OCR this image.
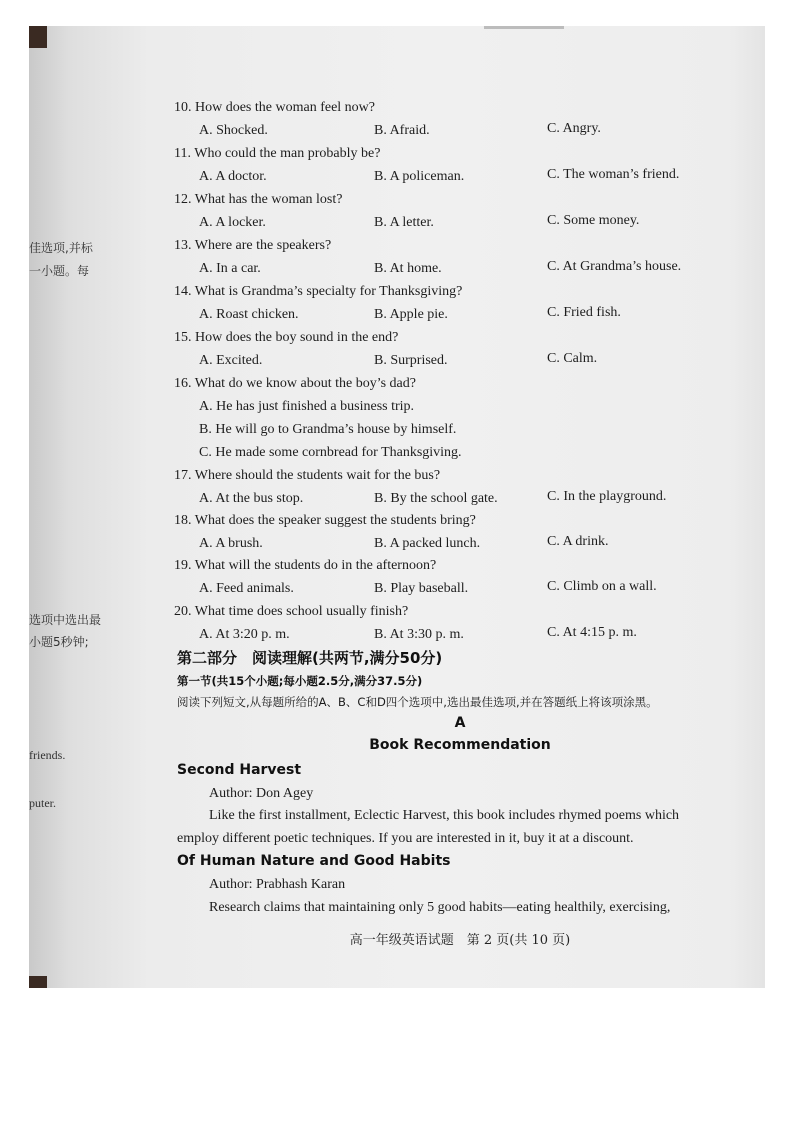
佳选项,并标
一小题。每
选项中选出最
小题5秒钟;
friends.
puter.
10. How does the woman feel now?
A. Shocked.	B. Afraid.	C. Angry.
11. Who could the man probably be?
A. A doctor.	B. A policeman.	C. The woman’s friend.
12. What has the woman lost?
A. A locker.	B. A letter.	C. Some money.
13. Where are the speakers?
A. In a car.	B. At home.	C. At Grandma’s house.
14. What is Grandma’s specialty for Thanksgiving?
A. Roast chicken.	B. Apple pie.	C. Fried fish.
15. How does the boy sound in the end?
A. Excited.	B. Surprised.	C. Calm.
16. What do we know about the boy’s dad?
A. He has just finished a business trip.
B. He will go to Grandma’s house by himself.
C. He made some cornbread for Thanksgiving.
17. Where should the students wait for the bus?
A. At the bus stop.	B. By the school gate.	C. In the playground.
18. What does the speaker suggest the students bring?
A. A brush.	B. A packed lunch.	C. A drink.
19. What will the students do in the afternoon?
A. Feed animals.	B. Play baseball.	C. Climb on a wall.
20. What time does school usually finish?
A. At 3:20 p. m.	B. At 3:30 p. m.	C. At 4:15 p. m.
第二部分　阅读理解(共两节,满分50分)
第一节(共15个小题;每小题2.5分,满分37.5分)
阅读下列短文,从每题所给的A、B、C和D四个选项中,选出最佳选项,并在答题纸上将该项涂黑。
A
Book Recommendation
Second Harvest
Author: Don Agey
Like the first installment, Eclectic Harvest, this book includes rhymed poems which
employ different poetic techniques. If you are interested in it, buy it at a discount.
Of Human Nature and Good Habits
Author: Prabhash Karan
Research claims that maintaining only 5 good habits—eating healthily, exercising,
高一年级英语试题　第 2 页(共 10 页)
